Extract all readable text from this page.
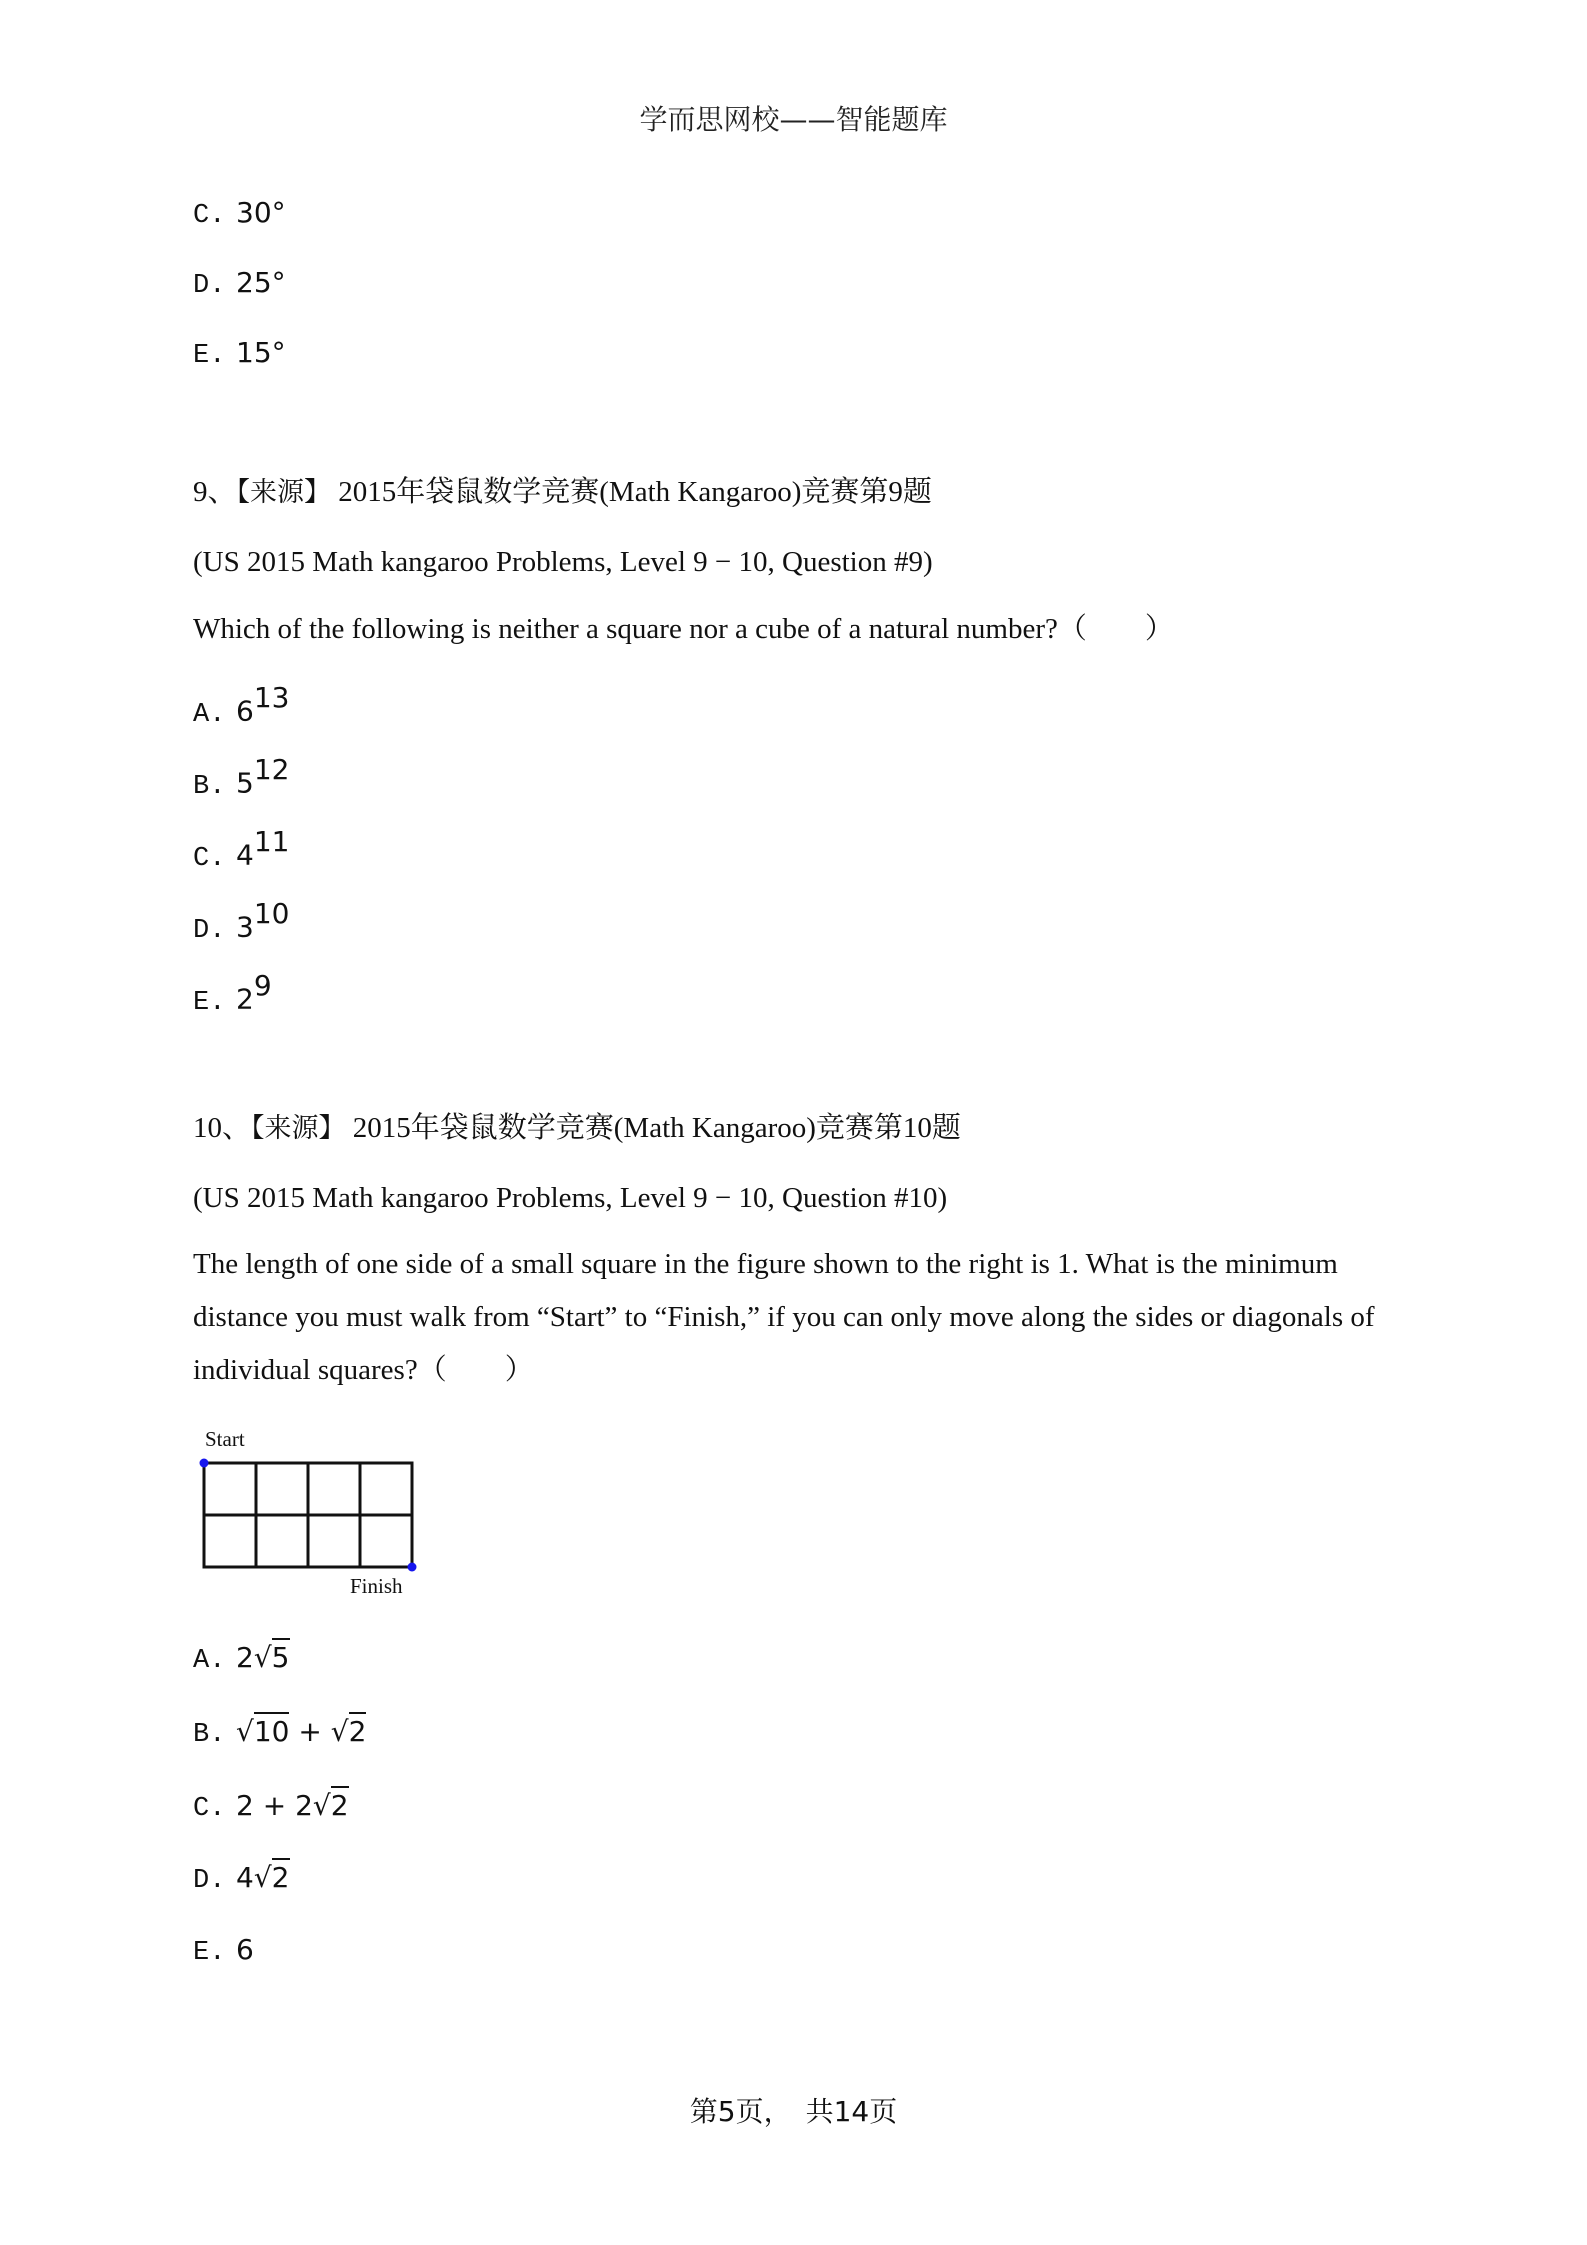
学而思网校——智能题库
C. 30°
D. 25°
E. 15°
9、【来源】 2015年袋鼠数学竞赛(Math Kangaroo)竞赛第9题
(US 2015 Math kangaroo Problems, Level 9 − 10, Question #9)
Which of the following is neither a square nor a cube of a natural number?（　　）
A. $6^{13}$
B. $5^{12}$
C. $4^{11}$
D. $3^{10}$
E. $2^9$
10、【来源】 2015年袋鼠数学竞赛(Math Kangaroo)竞赛第10题
(US 2015 Math kangaroo Problems, Level 9 − 10, Question #10)
The length of one side of a small square in the figure shown to the right is 1. What is the minimum
distance you must walk from “Start” to “Finish,” if you can only move along the sides or diagonals of
individual squares?（　　）
Start
Finish
A. 2√5
B. √10 + √2
C. 2 + 2√2
D. 4√2
E. 6
第5页，　共14页
